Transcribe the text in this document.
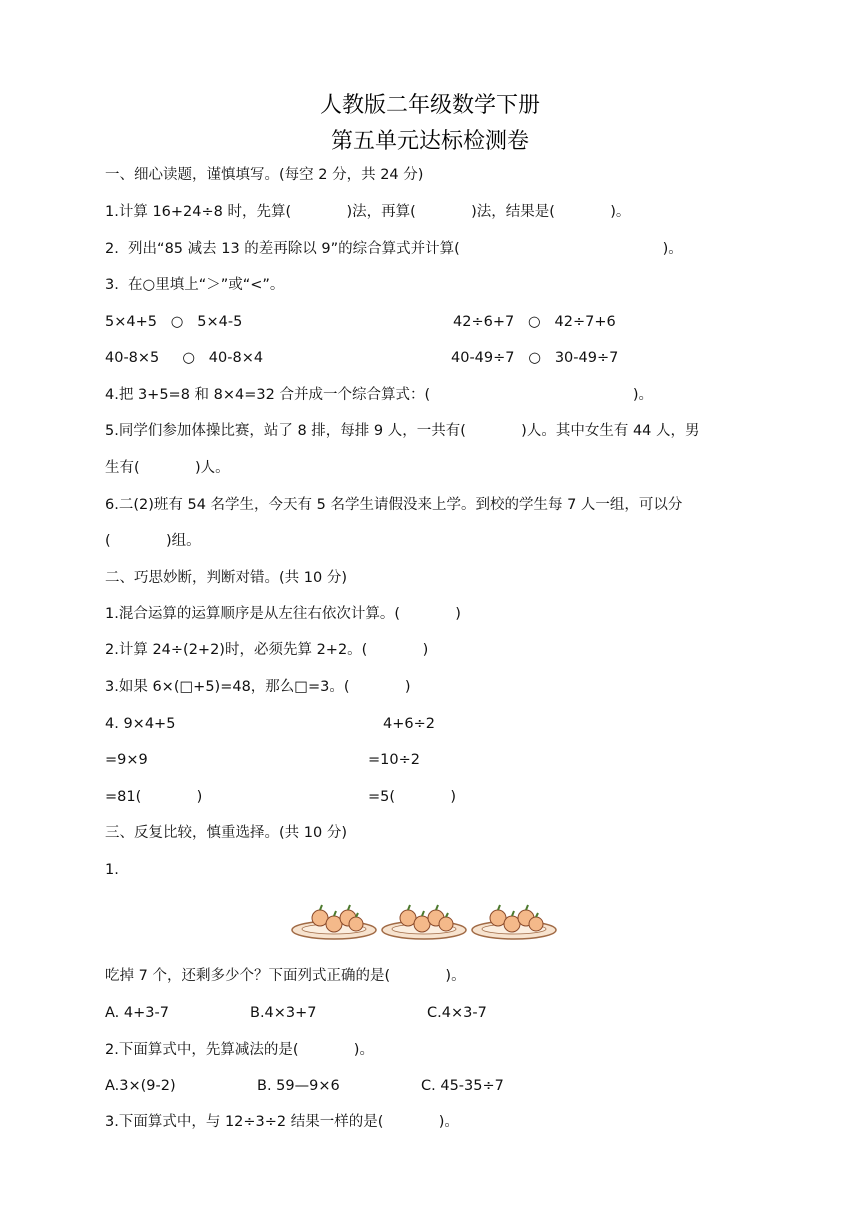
人教版二年级数学下册
第五单元达标检测卷
一、细心读题，谨慎填写。(每空 2 分，共 24 分)
1.计算 16+24÷8 时，先算(            )法，再算(            )法，结果是(            )。
2.  列出“85 减去 13 的差再除以 9”的综合算式并计算(                                            )。
3.  在○里填上“＞”或“<”。
5×4+5   ○   5×4-5	42÷6+7   ○   42÷7+6
40-8×5     ○   40-8×4	40-49÷7   ○   30-49÷7
4.把 3+5=8 和 8×4=32 合并成一个综合算式：(                                            )。
5.同学们参加体操比赛，站了 8 排，每排 9 人，一共有(            )人。其中女生有 44 人，男
生有(            )人。
6.二(2)班有 54 名学生，今天有 5 名学生请假没来上学。到校的学生每 7 人一组，可以分
(            )组。
二、巧思妙断，判断对错。(共 10 分)
1.混合运算的运算顺序是从左往右依次计算。(            )
2.计算 24÷(2+2)时，必须先算 2+2。(            )
3.如果 6×(□+5)=48，那么□=3。(            )
4. 9×4+5	4+6÷2
=9×9	=10÷2
=81(            )	=5(            )
三、反复比较，慎重选择。(共 10 分)
1.
吃掉 7 个，还剩多少个？下面列式正确的是(            )。
A. 4+3-7	B.4×3+7	C.4×3-7
2.下面算式中，先算减法的是(            )。
A.3×(9-2)	B. 59—9×6	C. 45-35÷7
3.下面算式中，与 12÷3÷2 结果一样的是(            )。
